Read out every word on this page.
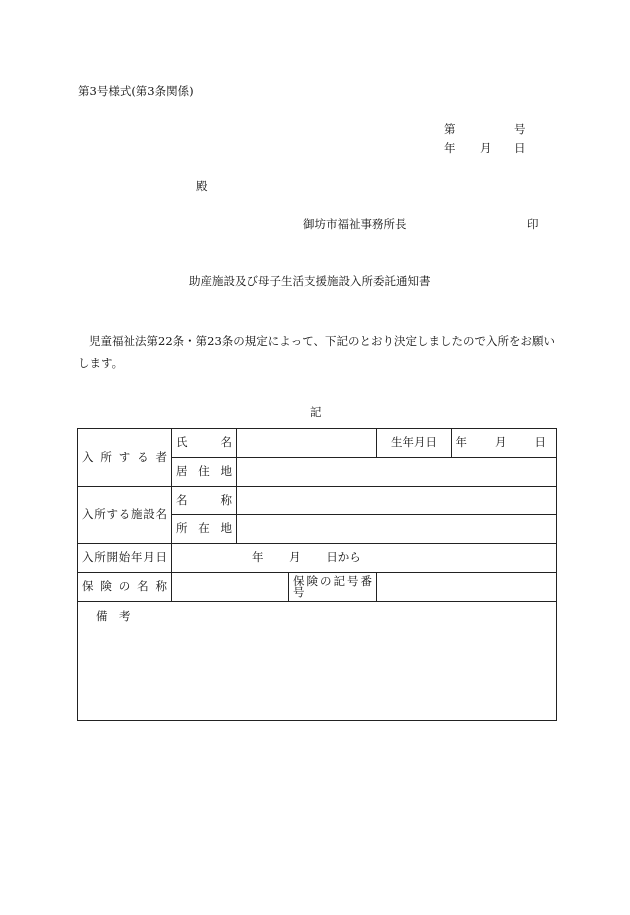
第3号様式(第3条関係)
第	号
年 月 日
殿
御坊市福祉事務所長	印
助産施設及び母子生活支援施設入所委託通知書
児童福祉法第22条・第23条の規定によって、下記のとおり決定しましたので入所をお願いします。
記
入 所 す る 者	氏　　名			生年月日	年 月 日

	居 住 地				
入所する施設名	名　　称				
	所 在 地				
入所開始年月日	年 月 日から				
保 険 の 名 称			保険の記号番号		
備　考					
